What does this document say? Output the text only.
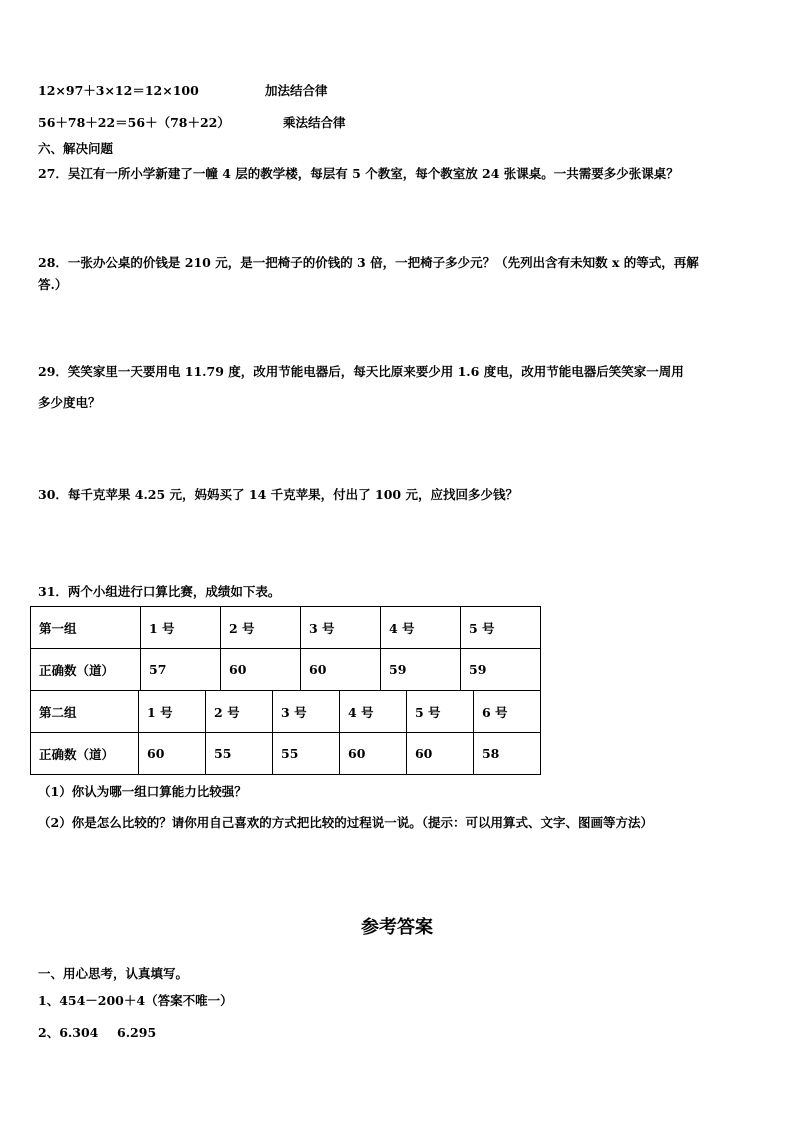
12×97＋3×12＝12×100	加法结合律
56＋78＋22＝56＋（78＋22）	乘法结合律
六、解决问题
27．吴江有一所小学新建了一幢 4 层的教学楼，每层有 5 个教室，每个教室放 24 张课桌。一共需要多少张课桌？
28．一张办公桌的价钱是 210 元，是一把椅子的价钱的 3 倍，一把椅子多少元？（先列出含有未知数 x 的等式，再解
答.）
29．笑笑家里一天要用电 11.79 度，改用节能电器后，每天比原来要少用 1.6 度电，改用节能电器后笑笑家一周用
多少度电？
30．每千克苹果 4.25 元，妈妈买了 14 千克苹果，付出了 100 元，应找回多少钱？
31．两个小组进行口算比赛，成绩如下表。
第一组	1 号	2 号	3 号	4 号	5 号
正确数（道）	57	60	60	59	59
第二组	1 号	2 号	3 号	4 号	5 号	6 号
正确数（道）	60	55	55	60	60	58
（1）你认为哪一组口算能力比较强？
（2）你是怎么比较的？请你用自己喜欢的方式把比较的过程说一说。（提示：可以用算式、文字、图画等方法）
参考答案
一、用心思考，认真填写。
1、454－200＋4（答案不唯一）
2、6.304 6.295
